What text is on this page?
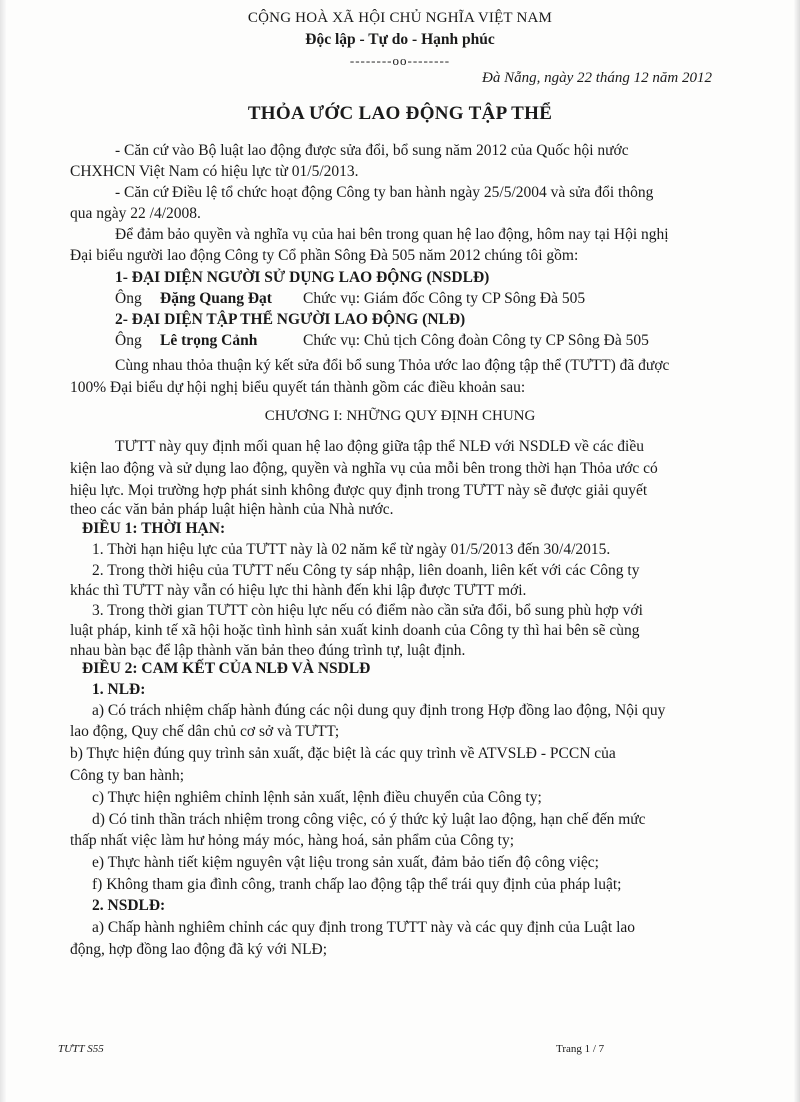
CỘNG HOÀ XÃ HỘI CHỦ NGHĨA VIỆT NAM
Độc lập - Tự do - Hạnh phúc
--------oo--------
Đà Nẵng, ngày 22 tháng 12 năm 2012
THỎA ƯỚC LAO ĐỘNG TẬP THỂ
- Căn cứ vào Bộ luật lao động được sửa đổi, bổ sung năm 2012 của Quốc hội nước
CHXHCN Việt Nam có hiệu lực từ 01/5/2013.
- Căn cứ Điều lệ tổ chức hoạt động Công ty ban hành ngày 25/5/2004 và sửa đổi thông
qua ngày 22 /4/2008.
Để đảm bảo quyền và nghĩa vụ của hai bên trong quan hệ lao động, hôm nay tại Hội nghị
Đại biểu người lao động Công ty Cổ phần Sông Đà 505 năm 2012 chúng tôi gồm:
1- ĐẠI DIỆN NGƯỜI SỬ DỤNG LAO ĐỘNG (NSDLĐ)
Ông Đặng Quang Đạt Chức vụ: Giám đốc Công ty CP Sông Đà 505
2- ĐẠI DIỆN TẬP THỂ NGƯỜI LAO ĐỘNG (NLĐ)
Ông Lê trọng Cảnh	Chức vụ: Chủ tịch Công đoàn Công ty CP Sông Đà 505
Cùng nhau thỏa thuận ký kết sửa đổi bổ sung Thỏa ước lao động tập thể (TƯTT) đã được
100% Đại biểu dự hội nghị biểu quyết tán thành gồm các điều khoản sau:
CHƯƠNG I: NHỮNG QUY ĐỊNH CHUNG
TƯTT này quy định mối quan hệ lao động giữa tập thể NLĐ với NSDLĐ về các điều
kiện lao động và sử dụng lao động, quyền và nghĩa vụ của mỗi bên trong thời hạn Thỏa ước có
hiệu lực. Mọi trường hợp phát sinh không được quy định trong TƯTT này sẽ được giải quyết
theo các văn bản pháp luật hiện hành của Nhà nước.
ĐIỀU 1: THỜI HẠN:
1. Thời hạn hiệu lực của TƯTT này là 02 năm kể từ ngày 01/5/2013 đến 30/4/2015.
2. Trong thời hiệu của TƯTT nếu Công ty sáp nhập, liên doanh, liên kết với các Công ty
khác thì TƯTT này vẫn có hiệu lực thi hành đến khi lập được TƯTT mới.
3. Trong thời gian TƯTT còn hiệu lực nếu có điểm nào cần sửa đổi, bổ sung phù hợp với
luật pháp, kinh tế xã hội hoặc tình hình sản xuất kinh doanh của Công ty thì hai bên sẽ cùng
nhau bàn bạc để lập thành văn bản theo đúng trình tự, luật định.
ĐIỀU 2: CAM KẾT CỦA NLĐ VÀ NSDLĐ
1. NLĐ:
a) Có trách nhiệm chấp hành đúng các nội dung quy định trong Hợp đồng lao động, Nội quy
lao động, Quy chế dân chủ cơ sở và TƯTT;
b) Thực hiện đúng quy trình sản xuất, đặc biệt là các quy trình về ATVSLĐ - PCCN của
Công ty ban hành;
c) Thực hiện nghiêm chỉnh lệnh sản xuất, lệnh điều chuyển của Công ty;
d) Có tinh thần trách nhiệm trong công việc, có ý thức kỷ luật lao động, hạn chế đến mức
thấp nhất việc làm hư hỏng máy móc, hàng hoá, sản phẩm của Công ty;
e) Thực hành tiết kiệm nguyên vật liệu trong sản xuất, đảm bảo tiến độ công việc;
f) Không tham gia đình công, tranh chấp lao động tập thể trái quy định của pháp luật;
2. NSDLĐ:
a) Chấp hành nghiêm chỉnh các quy định trong TƯTT này và các quy định của Luật lao
động, hợp đồng lao động đã ký với NLĐ;
TƯTT S55	Trang 1 / 7
